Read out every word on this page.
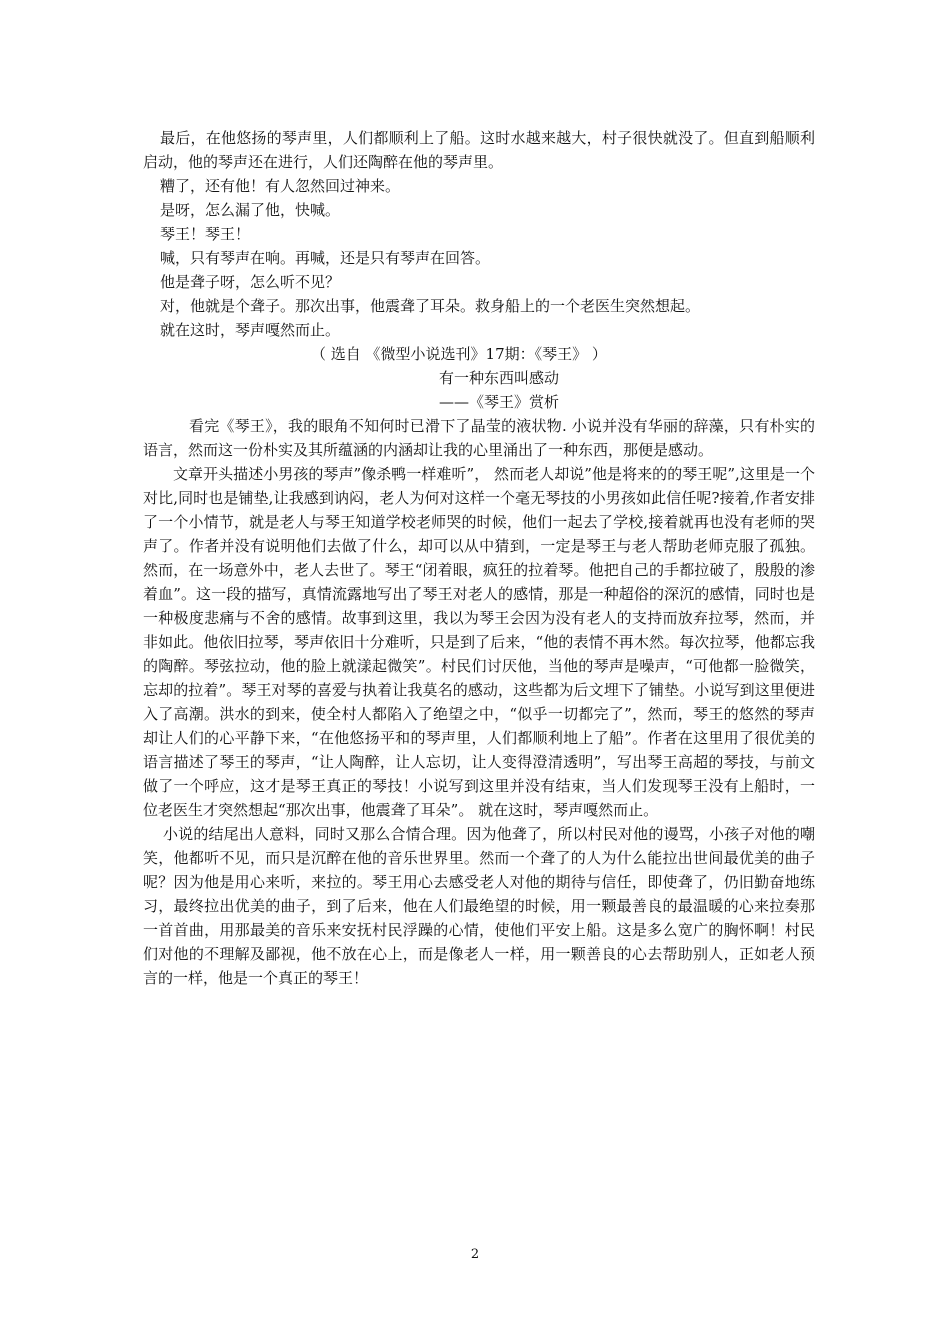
最后，在他悠扬的琴声里，人们都顺利上了船。这时水越来越大，村子很快就没了。但直到船顺利启动，他的琴声还在进行，人们还陶醉在他的琴声里。

糟了，还有他！有人忽然回过神来。

是呀，怎么漏了他，快喊。

琴王！琴王！

喊，只有琴声在响。再喊，还是只有琴声在回答。

他是聋子呀，怎么听不见？

对，他就是个聋子。那次出事，他震聋了耳朵。救身船上的一个老医生突然想起。

就在这时，琴声嘎然而止。

（ 选自 《微型小说选刊》17期：《琴王》 ）

有一种东西叫感动

——《琴王》赏析

看完《琴王》，我的眼角不知何时已滑下了晶莹的液状物. 小说并没有华丽的辞藻，只有朴实的语言，然而这一份朴实及其所蕴涵的内涵却让我的心里涌出了一种东西，那便是感动。

文章开头描述小男孩的琴声”像杀鸭一样难听”， 然而老人却说”他是将来的的琴王呢”,这里是一个对比,同时也是铺垫,让我感到讷闷，老人为何对这样一个毫无琴技的小男孩如此信任呢?接着,作者安排了一个小情节，就是老人与琴王知道学校老师哭的时候，他们一起去了学校,接着就再也没有老师的哭声了。作者并没有说明他们去做了什么，却可以从中猜到，一定是琴王与老人帮助老师克服了孤独。然而，在一场意外中，老人去世了。琴王“闭着眼，疯狂的拉着琴。他把自己的手都拉破了，殷殷的渗着血”。这一段的描写，真情流露地写出了琴王对老人的感情，那是一种超俗的深沉的感情，同时也是一种极度悲痛与不舍的感情。故事到这里，我以为琴王会因为没有老人的支持而放弃拉琴，然而，并非如此。他依旧拉琴，琴声依旧十分难听，只是到了后来，“他的表情不再木然。每次拉琴，他都忘我的陶醉。琴弦拉动，他的脸上就漾起微笑”。村民们讨厌他，当他的琴声是噪声，“可他都一脸微笑，忘却的拉着”。琴王对琴的喜爱与执着让我莫名的感动，这些都为后文埋下了铺垫。小说写到这里便进入了高潮。洪水的到来，使全村人都陷入了绝望之中，“似乎一切都完了”，然而，琴王的悠然的琴声却让人们的心平静下来，“在他悠扬平和的琴声里，人们都顺利地上了船”。作者在这里用了很优美的语言描述了琴王的琴声，“让人陶醉，让人忘切，让人变得澄清透明”，写出琴王高超的琴技，与前文做了一个呼应，这才是琴王真正的琴技！小说写到这里并没有结束，当人们发现琴王没有上船时，一位老医生才突然想起“那次出事，他震聋了耳朵”。 就在这时，琴声嘎然而止。

小说的结尾出人意料，同时又那么合情合理。因为他聋了，所以村民对他的谩骂，小孩子对他的嘲笑，他都听不见，而只是沉醉在他的音乐世界里。然而一个聋了的人为什么能拉出世间最优美的曲子呢？因为他是用心来听，来拉的。琴王用心去感受老人对他的期待与信任，即使聋了，仍旧勤奋地练习，最终拉出优美的曲子，到了后来，他在人们最绝望的时候，用一颗最善良的最温暖的心来拉奏那一首首曲，用那最美的音乐来安抚村民浮躁的心情，使他们平安上船。这是多么宽广的胸怀啊！村民们对他的不理解及鄙视，他不放在心上，而是像老人一样，用一颗善良的心去帮助别人，正如老人预言的一样，他是一个真正的琴王！

2
